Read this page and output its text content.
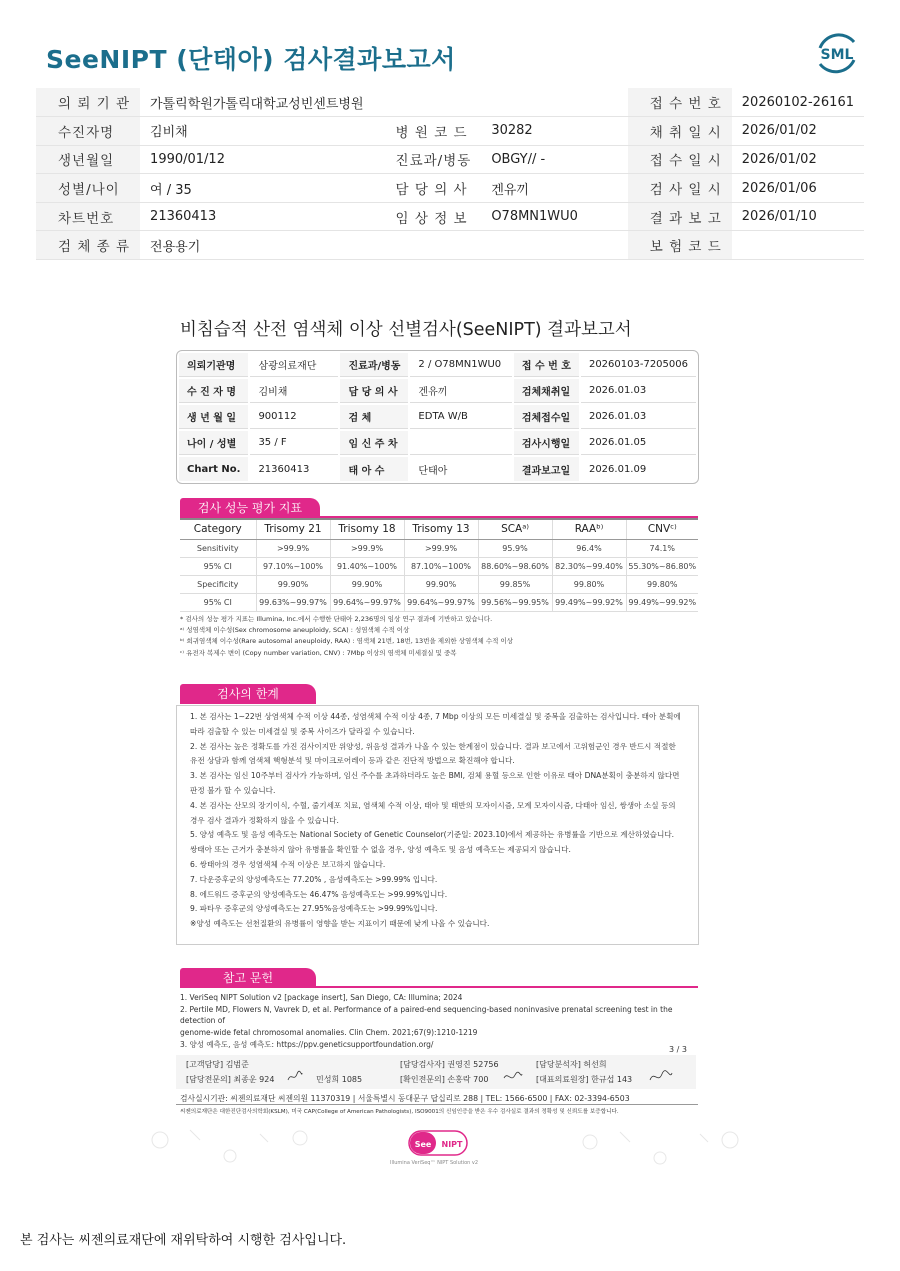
SeeNIPT (단태아) 검사결과보고서	SML
의 뢰 기 관	가톨릭학원가톨릭대학교성빈센트병원			접 수 번 호	20260102-26161
수진자명	김비채	병 원 코 드	30282	채 취 일 시	2026/01/02
생년월일	1990/01/12	진료과/병동	OBGY// -	접 수 일 시	2026/01/02
성별/나이	여 / 35	담 당 의 사	겐유끼	검 사 일 시	2026/01/06
차트번호	21360413	임 상 정 보	O78MN1WU0	결 과 보 고	2026/01/10
검 체 종 류	전용용기			보 험 코 드	
비침습적 산전 염색체 이상 선별검사(SeeNIPT) 결과보고서
의뢰기관명	삼광의료재단	진료과/병동	2 / O78MN1WU0	접 수 번 호	20260103-7205006
수 진 자 명	김비채	담 당 의 사	겐유끼	검체채취일	2026.01.03
생 년 월 일	900112	검 체	EDTA W/B	검체접수일	2026.01.03
나이 / 성별	35 / F	임 신 주 차		검사시행일	2026.01.05
Chart No.	21360413	태 아 수	단태아	결과보고일	2026.01.09
검사 성능 평가 지표
Category	Trisomy 21	Trisomy 18	Trisomy 13	SCAᵃ⁾	RAAᵇ⁾	CNVᶜ⁾
Sensitivity	>99.9%	>99.9%	>99.9%	95.9%	96.4%	74.1%
95% CI	97.10%~100%	91.40%~100%	87.10%~100%	88.60%~98.60%	82.30%~99.40%	55.30%~86.80%
Specificity	99.90%	99.90%	99.90%	99.85%	99.80%	99.80%
95% CI	99.63%~99.97%	99.64%~99.97%	99.64%~99.97%	99.56%~99.95%	99.49%~99.92%	99.49%~99.92%
* 검사의 성능 평가 지표는 Illumina, Inc.에서 수행한 단태아 2,236명의 임상 연구 결과에 기반하고 있습니다.
ᵃ⁾ 성염색체 이수성(Sex chromosome aneuploidy, SCA) : 성염색체 수적 이상
ᵇ⁾ 희귀염색체 이수성(Rare autosomal aneuploidy, RAA) : 염색체 21번, 18번, 13번을 제외한 상염색체 수적 이상
ᶜ⁾ 유전자 복제수 변이 (Copy number variation, CNV) : 7Mbp 이상의 염색체 미세결실 및 중복
검사의 한계
1. 본 검사는 1~22번 상염색체 수적 이상 44종, 성염색체 수적 이상 4종, 7 Mbp 이상의 모든 미세결실 및 중복을 검출하는 검사입니다. 태아 분획에
따라 검출할 수 있는 미세결실 및 중복 사이즈가 달라질 수 있습니다.
2. 본 검사는 높은 정확도를 가진 검사이지만 위양성, 위음성 결과가 나올 수 있는 한계점이 있습니다. 결과 보고에서 고위험군인 경우 반드시 적절한
유전 상담과 함께 염색체 핵형분석 및 마이크로어레이 등과 같은 진단적 방법으로 확진해야 합니다.
3. 본 검사는 임신 10주부터 검사가 가능하며, 임신 주수를 초과하더라도 높은 BMI, 검체 용혈 등으로 인한 이유로 태아 DNA분획이 충분하지 않다면
판정 불가 할 수 있습니다.
4. 본 검사는 산모의 장기이식, 수혈, 줄기세포 치료, 염색체 수적 이상, 태아 및 태반의 모자이시즘, 모계 모자이시즘, 다태아 임신, 쌍생아 소실 등의
경우 검사 결과가 정확하지 않을 수 있습니다.
5. 양성 예측도 및 음성 예측도는 National Society of Genetic Counselor(기준일: 2023.10)에서 제공하는 유병률을 기반으로 계산하였습니다.
쌍태아 또는 근거가 충분하지 않아 유병률을 확인할 수 없을 경우, 양성 예측도 및 음성 예측도는 제공되지 않습니다.
6. 쌍태아의 경우 성염색체 수적 이상은 보고하지 않습니다.
7. 다운증후군의 양성예측도는 77.20% , 음성예측도는 >99.99% 입니다.
8. 에드워드 증후군의 양성예측도는 46.47% 음성예측도는 >99.99%입니다.
9. 파타우 증후군의 양성예측도는 27.95%음성예측도는 >99.99%입니다.
※양성 예측도는 선천질환의 유병률이 영향을 받는 지표이기 때문에 낮게 나올 수 있습니다.
참고 문헌
1. VeriSeq NIPT Solution v2 [package insert], San Diego, CA: Illumina; 2024
2. Pertile MD, Flowers N, Vavrek D, et al. Performance of a paired-end sequencing-based noninvasive prenatal screening test in the detection of
genome-wide fetal chromosomal anomalies. Clin Chem. 2021;67(9):1210-1219
3. 양성 예측도, 음성 예측도: https://ppv.geneticsupportfoundation.org/
3 / 3
[고객담당] 김범준	[담당검사자] 권영진 52756	[담당분석자] 허선희
[담당전문의] 최종운 924	민성희 1085	[확인전문의] 손홍락 700	[대표의료원장] 한규섭 143
검사실시기관: 씨젠의료재단 씨젠의원 11370319 | 서울특별시 동대문구 답십리로 288 | TEL: 1566-6500 | FAX: 02-3394-6503
씨젠의료재단은 대한진단검사의학회(KSLM), 미국 CAP(College of American Pathologists), ISO9001의 신임인증을 받은 우수 검사실로 결과의 정확성 및 신뢰도를 보증합니다.
See NIPT
Illumina VeriSeq™ NIPT Solution v2
본 검사는 씨젠의료재단에 재위탁하여 시행한 검사입니다.
